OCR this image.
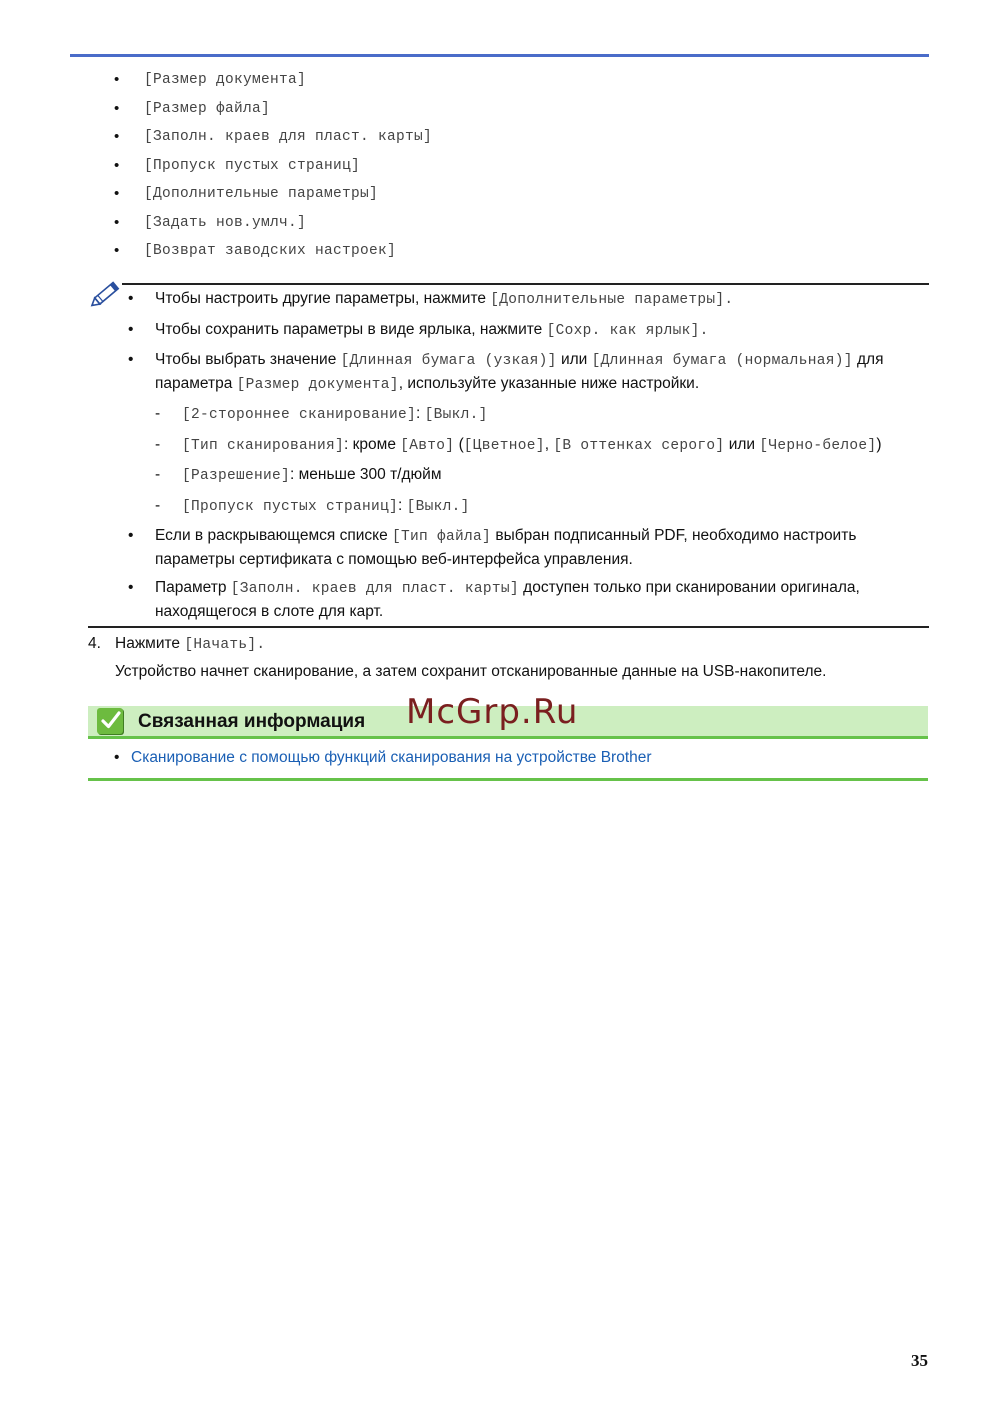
• [Размер документа]
• [Размер файла]
• [Заполн. краев для пласт. карты]
• [Пропуск пустых страниц]
• [Дополнительные параметры]
• [Задать нов.умлч.]
• [Возврат заводских настроек]
• Чтобы настроить другие параметры, нажмите [Дополнительные параметры].
• Чтобы сохранить параметры в виде ярлыка, нажмите [Сохр. как ярлык].
• Чтобы выбрать значение [Длинная бумага (узкая)] или [Длинная бумага (нормальная)] для параметра [Размер документа], используйте указанные ниже настройки.
- [2-стороннее сканирование]: [Выкл.]
- [Тип сканирования]: кроме [Авто] ([Цветное], [В оттенках серого] или [Черно-белое])
- [Разрешение]: меньше 300 т/дюйм
- [Пропуск пустых страниц]: [Выкл.]
• Если в раскрывающемся списке [Тип файла] выбран подписанный PDF, необходимо настроить параметры сертификата с помощью веб-интерфейса управления.
• Параметр [Заполн. краев для пласт. карты] доступен только при сканировании оригинала, находящегося в слоте для карт.
4. Нажмите [Начать].
Устройство начнет сканирование, а затем сохранит отсканированные данные на USB-накопителе.
Связанная информация McGrp.Ru
• Сканирование с помощью функций сканирования на устройстве Brother
35
